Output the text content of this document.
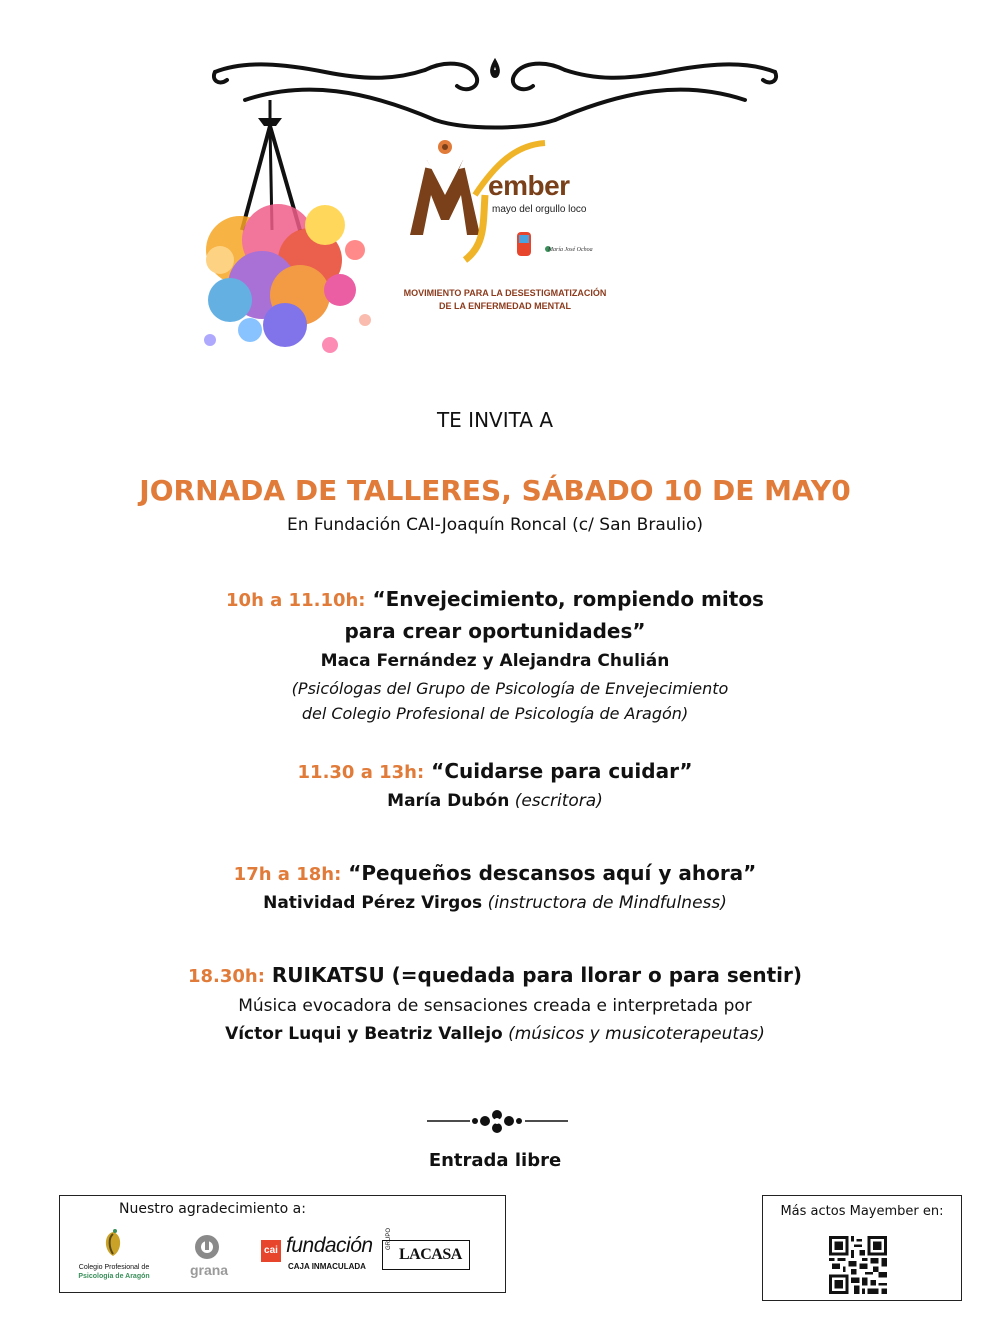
ember
mayo del orgullo loco
María José Ochoa
MOVIMIENTO PARA LA DESESTIGMATIZACIÓN
DE LA ENFERMEDAD MENTAL
TE INVITA A
JORNADA DE TALLERES, SÁBADO 10 DE MAY0
En Fundación CAI-Joaquín Roncal (c/ San Braulio)
10h a 11.10h: “Envejecimiento, rompiendo mitos
para crear oportunidades”
Maca Fernández y Alejandra Chulián
(Psicólogas del Grupo de Psicología de Envejecimiento
del Colegio Profesional de Psicología de Aragón)
11.30 a 13h: “Cuidarse para cuidar”
María Dubón (escritora)
17h a 18h: “Pequeños descansos aquí y ahora”
Natividad Pérez Virgos (instructora de Mindfulness)
18.30h: RUIKATSU (=quedada para llorar o para sentir)
Música evocadora de sensaciones creada e interpretada por
Víctor Luqui y Beatriz Vallejo (músicos y musicoterapeutas)
Entrada libre
Nuestro agradecimiento a:
Colegio Profesional de
Psicología de Aragón	grana
cai fundación
CAJA INMACULADA
GRUPO
LACASA
Más actos Mayember en:
